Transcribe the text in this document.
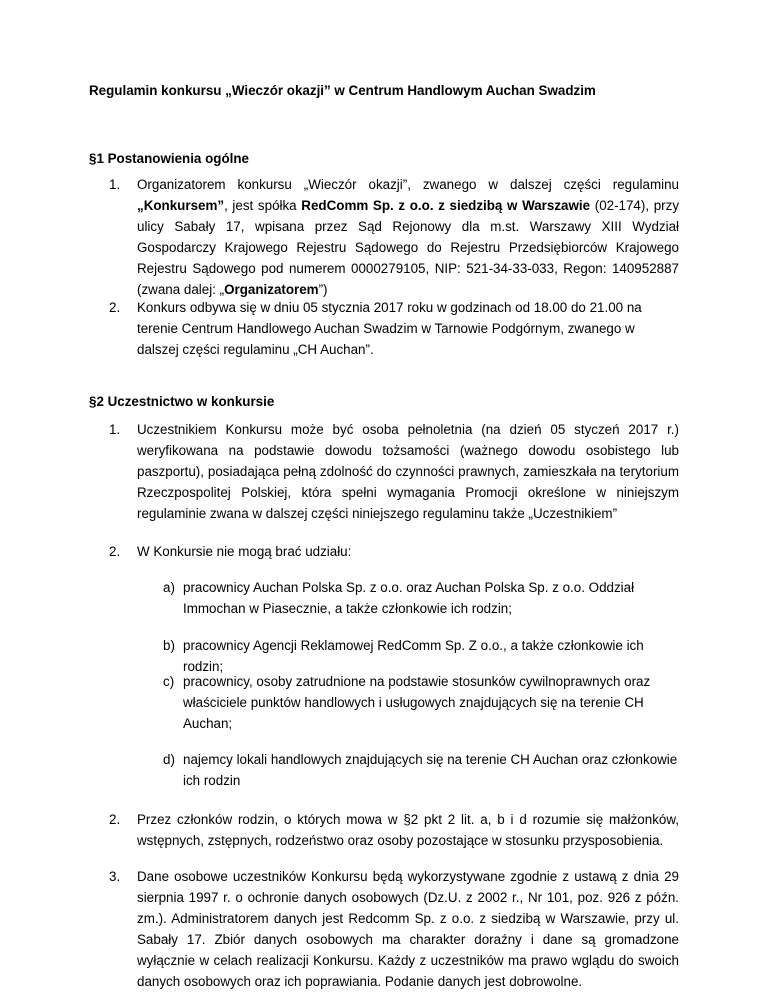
Regulamin konkursu „Wieczór okazji” w Centrum Handlowym Auchan Swadzim
§1 Postanowienia ogólne
1. Organizatorem konkursu „Wieczór okazji”, zwanego w dalszej części regulaminu „Konkursem”, jest spółka RedComm Sp. z o.o. z siedzibą w Warszawie (02-174), przy ulicy Sabały 17, wpisana przez Sąd Rejonowy dla m.st. Warszawy XIII Wydział Gospodarczy Krajowego Rejestru Sądowego do Rejestru Przedsiębiorców Krajowego Rejestru Sądowego pod numerem 0000279105, NIP: 521-34-33-033, Regon: 140952887 (zwana dalej: „Organizatorem”)
2. Konkurs odbywa się w dniu 05 stycznia 2017 roku w godzinach od 18.00 do 21.00 na terenie Centrum Handlowego Auchan Swadzim w Tarnowie Podgórnym, zwanego w dalszej części regulaminu „CH Auchan”.
§2 Uczestnictwo w konkursie
1. Uczestnikiem Konkursu może być osoba pełnoletnia (na dzień 05 styczeń 2017 r.) weryfikowana na podstawie dowodu tożsamości (ważnego dowodu osobistego lub paszportu), posiadająca pełną zdolność do czynności prawnych, zamieszkała na terytorium Rzeczpospolitej Polskiej, która spełni wymagania Promocji określone w niniejszym regulaminie zwana w dalszej części niniejszego regulaminu także „Uczestnikiem”
2. W Konkursie nie mogą brać udziału:
a) pracownicy Auchan Polska Sp. z o.o. oraz Auchan Polska Sp. z o.o. Oddział Immochan w Piasecznie, a także członkowie ich rodzin;
b) pracownicy Agencji Reklamowej RedComm Sp. Z o.o., a także członkowie ich rodzin;
c) pracownicy, osoby zatrudnione na podstawie stosunków cywilnoprawnych oraz właściciele punktów handlowych i usługowych znajdujących się na terenie CH Auchan;
d) najemcy lokali handlowych znajdujących się na terenie CH Auchan oraz członkowie ich rodzin
2. Przez członków rodzin, o których mowa w §2 pkt 2 lit. a, b i d rozumie się małżonków, wstępnych, zstępnych, rodzeństwo oraz osoby pozostające w stosunku przysposobienia.
3. Dane osobowe uczestników Konkursu będą wykorzystywane zgodnie z ustawą z dnia 29 sierpnia 1997 r. o ochronie danych osobowych (Dz.U. z 2002 r., Nr 101, poz. 926 z późn. zm.). Administratorem danych jest Redcomm Sp. z o.o. z siedzibą w Warszawie, przy ul. Sabały 17. Zbiór danych osobowych ma charakter doraźny i dane są gromadzone wyłącznie w celach realizacji Konkursu. Każdy z uczestników ma prawo wglądu do swoich danych osobowych oraz ich poprawiania. Podanie danych jest dobrowolne.
